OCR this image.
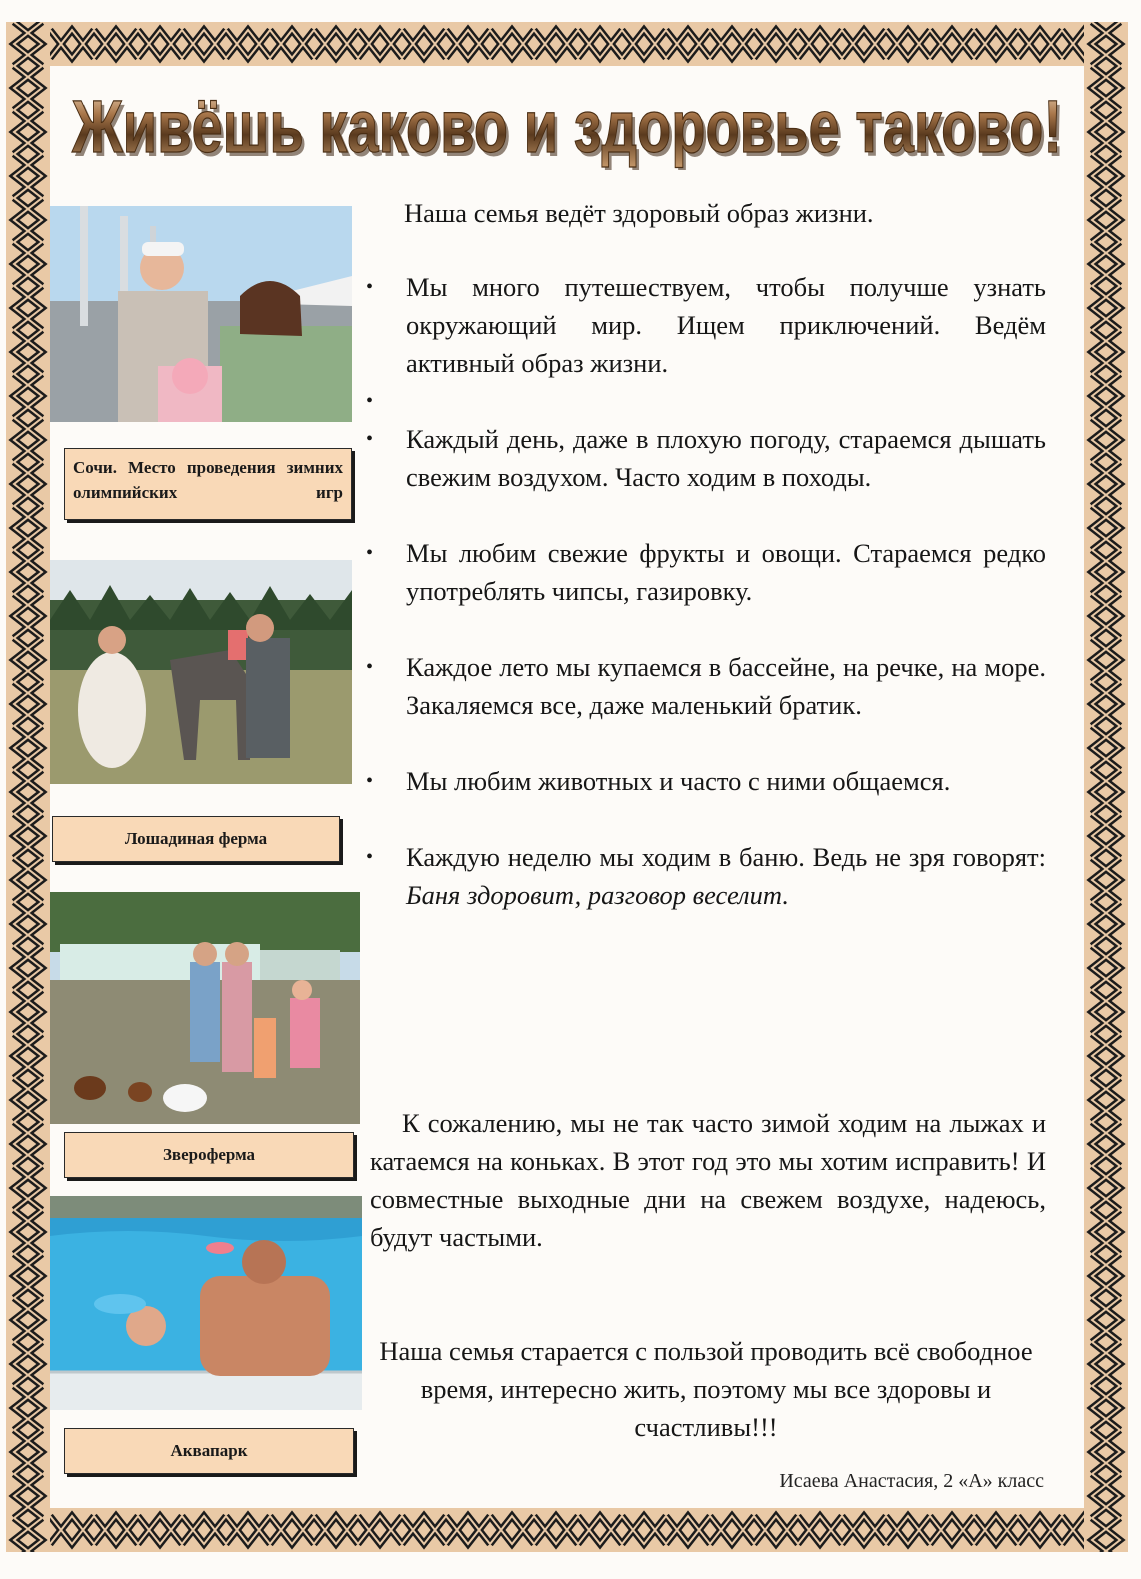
Живёшь каково и здоровье таково!
Живёшь каково и здоровье таково!
Сочи. Место проведения зимних олимпийских игр
Лошадиная ферма
Звероферма
Аквапарк
Наша семья ведёт здоровый образ жизни.
• Мы много путешествуем, чтобы получше узнать окружающий мир. Ищем приключений. Ведём активный образ жизни.
•
• Каждый день, даже в плохую погоду, стараемся дышать свежим воздухом. Часто ходим в походы.
• Мы любим свежие фрукты и овощи. Стараемся редко употреблять чипсы, газировку.
• Каждое лето мы купаемся в бассейне, на речке, на море. Закаляемся все, даже маленький братик.
• Мы любим животных и часто с ними общаемся.
• Каждую неделю мы ходим в баню. Ведь не зря говорят: Баня здоровит, разговор веселит.
К сожалению, мы не так часто зимой ходим на лыжах и катаемся на коньках. В этот год это мы хотим исправить! И совместные выходные дни на свежем воздухе, надеюсь, будут частыми.
Наша семья старается с пользой проводить всё свободное время, интересно жить, поэтому мы все здоровы и счастливы!!!
Исаева Анастасия, 2 «А» класс
